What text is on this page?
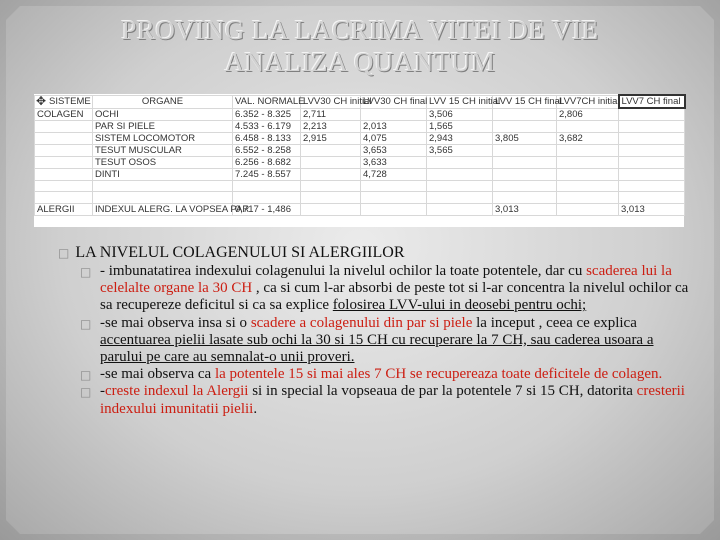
PROVING LA LACRIMA VITEI DE VIE
ANALIZA QUANTUM
✥ SISTEME	ORGANE	VAL. NORMALE	LVV30 CH initial	LVV30 CH final	LVV 15 CH initial	LVV 15 CH final	LVV7CH initial	LVV7 CH final
COLAGEN	OCHI	6.352 - 8.325	2,711		3,506		2,806	
	PAR SI PIELE	4.533 - 6.179	2,213	2,013	1,565			
	SISTEM LOCOMOTOR	6.458 - 8.133	2,915	4,075	2,943	3,805	3,682	
	TESUT MUSCULAR	6.552 - 8.258		3,653	3,565			
	TESUT OSOS	6.256 - 8.682		3,633				
	DINTI	7.245 - 8.557		4,728				

ALERGII	INDEXUL ALERG. LA VOPSEA PAR	0,717 - 1,486				3,013		3,013
□ LA NIVELUL COLAGENULUI SI ALERGIILOR

□ - imbunatatirea indexului colagenului la nivelul ochilor la toate potentele, dar cu scaderea lui la celelalte organe la 30 CH , ca si cum l-ar absorbi de peste tot si l-ar concentra la nivelul ochilor ca sa recupereze deficitul si ca sa explice folosirea LVV-ului in deosebi pentru ochi;

□ -se mai observa insa si o scadere a colagenului din par si piele la inceput , ceea ce explica accentuarea pielii lasate sub ochi la 30 si 15 CH cu recuperare la 7 CH, sau caderea usoara a parului pe care au semnalat-o unii proveri.

□ -se mai observa ca la potentele 15 si mai ales 7 CH se recupereaza toate deficitele de colagen.

□ -creste indexul la Alergii si in special la vopseaua de par la potentele 7 si 15 CH, datorita cresterii indexului imunitatii pielii.
